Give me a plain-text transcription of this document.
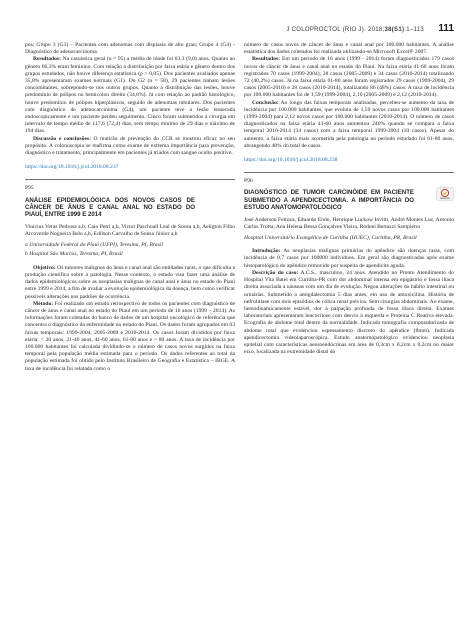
J COLOPROCTOL (RIO J). 2018;38(S1):1–113 111

pos; Grupo 3 (G3) – Pacientes com adenomas com displasia de alto grau; Grupo 4 (G4) - Diagnóstico de adenocarcinoma.

Resultados: Na casuística geral (n = 95) a média de idade foi 63,3 (9,0) anos. Quanto ao gênero 66,3% eram feminino. Com relação a distribuição por faixa etária e gênero dentro dos grupos estudados, não houve diferença estatística (p > 0,05). Dos pacientes avaliados apenas 35,8% apresentaram exames normais (G1). Do G2 (n = 58), 29 pacientes tinham lesões concomitantes, sobrepondo-se nos outros grupos. Quanto à distribuição das lesões, houve predomínio de pólipos no hemicolon direito (34,8%). Já com relação ao padrão histológico, houve predomínio de pólipos hiperplásicos, seguido de adenomas tubulares. Dos pacientes com diagnóstico de adenocarcinoma (G4), um paciente teve a lesão ressecada endoscopicamente e um paciente perdeu seguimento. Cinco foram submetidos à cirurgia em intervalo de tempo médio de 117,6 (72,4) dias, sem tempo mínimo de 29 dias e máximo de 194 dias.

Discussão e conclusões: O mutirão de prevenção do CCR se mostrou eficaz no seu propósito. A colonoscopia se reafirma como exame de extrema importância para prevenção, diagnóstico e tratamento, principalmente em pacientes já triados com sangue oculto positivo.

https://doi.org/10.1016/j.jcol.2018.08.237
P95
ANÁLISE EPIDEMIOLÓGICA DOS NOVOS CASOS DE CÂNCER DE ÂNUS E CANAL ANAL NO ESTADO DO PIAUÍ, ENTRE 1999 E 2014
Vinícius Veras Pedrosa a,b, Caio Petri a,b, Victor Paschoall Leal de Sousa a,b, Aeligton Filho Arcoverde Nogueira Belo a,b, Edilson Carvalho de Sousa Júnior a,b
a Universidade Federal do Piauí (UFPI), Teresina, PI, Brasil
b Hospital São Marcos, Teresina, PI, Brasil

Objetivo: Os tumores malignos do ânus e canal anal são entidades raras, o que dificulta a produção científica sobre a patologia. Nesse contexto, o estudo visa fazer uma análise de dados epidemiológicos sobre as neoplasias malignas de canal anal e ânus no estado do Piauí entre 1999 e 2014, a fim de avaliar a evolução epidemiológica da doença, bem como verificar possíveis alterações nos padrões de ocorrência.

Método: Foi realizado um estudo retrospectivo de todos os pacientes com diagnóstico de câncer de ânus e canal anal no estado do Piauí em um período de 16 anos (1999 – 2014). As informações foram coletadas do banco de dados de um hospital oncológico de referência que concentra o diagnóstico da enfermidade no estado do Piauí. Os dados foram agrupados em 03 faixas temporais: 1999-2004, 2005-2009 e 2010-2014. Os casos foram divididos por faixa etária: < 20 anos, 21-40 anos, 41-60 anos, 61-80 anos e > 80 anos. A taxa de incidência por 100.000 habitantes foi calculada dividindo-se o número de casos novos surgidos na faixa temporal pela população média estimada para o período. Os dados referentes ao total da população estimada foi obtido pelo Instituto Brasileiro de Geografia e Estatística – IBGE. A taxa de incidência foi relatada como o

número de casos novos de câncer de ânus e canal anal por 100.000 habitantes. A análise estatística dos dados coletados foi realizada utilizando-se Microsoft Excel® 2007.

Resultados: Em um período de 16 anos (1999 - 2014) foram diagnosticados 179 casos novos de câncer de ânus e canal anal no estado do Piauí. Na faixa etária 41-60 anos foram registrados 70 casos (1999-2004), 28 casos (2005-2009) e 34 casos (2010-2014) totalizando 72 (40,2%) casos. Já na faixa etária 61-80 anos foram registrados 29 casos (1999-2004), 29 casos (2005-2010) e 28 casos (2010-2014), totalizando 86 (48%) casos. A taxa de incidência por 100.000 habitantes foi de 1,59 (1999-2004), 2,10 (2005-2009) e 2,12 (2010-2014).

Conclusão: Ao longo das faixas temporais analisadas, percebeu-se aumento da taxa de incidência por 100.000 habitantes, que evoluiu de 1,59 novos casos por 100.000 habitantes (1999-2004) para 2,12 novos casos por 100.000 habitantes (2010-2014). O número de casos diagnosticados na faixa etária 41-60 anos aumentou 240% quando se compara a faixa temporal 2010-2014 (34 casos) com a faixa temporal 1999-2004 (10 casos). Apesar do aumento, a faixa etária mais acometida pela patologia no período estudado foi 61-80 anos, abrangendo 48% do total de casos.

https://doi.org/10.1016/j.jcol.2018.08.238
P96
DIAGNÓSTICO DE TUMOR CARCINÓIDE EM PACIENTE SUBMETIDO A APENDICECTOMIA. A IMPORTÂNCIA DO ESTUDO ANATOMOPATOLÓGICO
José Anderson Feitoza, Eduardo Endo, Henrique Luckow Invitti, André Montes Luz, Antonio Carlos Trotta, Ana Helena Bessa Gonçalves Vieira, Rodnei Bertazzi Sampietro
Hospital Universitário Evangélico de Curitiba (HUEC), Curitiba, PR, Brasil

Introdução: As neoplasias malignas primárias do apêndice são doenças raras, com incidência de 0,7 casos por 100000 indivíduos. Em geral são diagnosticadas após exame histopatológico do apêndice removido por suspeita de apendicite aguda.

Descrição do caso: A.C.S., masculino, 24 anos. Atendido no Pronto Atendimento do Hospital Vita Batel em Curitiba-PR com dor abdominal intensa em epigástrio e fossa ilíaca direita associada a náuseas com um dia de evolução. Negou alterações do hábito intestinal ou urinárias. Submetido a amigdalectomia 5 dias antes, em uso de amoxicilina. História de nefrolitíase com dois episódios de cólica renal prévios. Sem cirurgias abdominais. Ao exame, hemodinamicamente estável, dor à palpação profunda de fossa ilíaca direita. Exames laboratoriais apresentaram leucocitose com desvio à esquerda e Proteína C Reativa elevada. Ecografia de abdome total dentro da normalidade. Indicada tomografia computadorizada de abdome total que evidenciou espessamento discreto do apêndice (8mm). Indicada apendicectomia videolaparoscópica. Estudo anatomopatológico evidenciou neoplasia epitelial com características neuroendócrinas em área de 0,3cm x 0,2cm x 0,2cm no maior eixo, localizada na extremidade distal do
